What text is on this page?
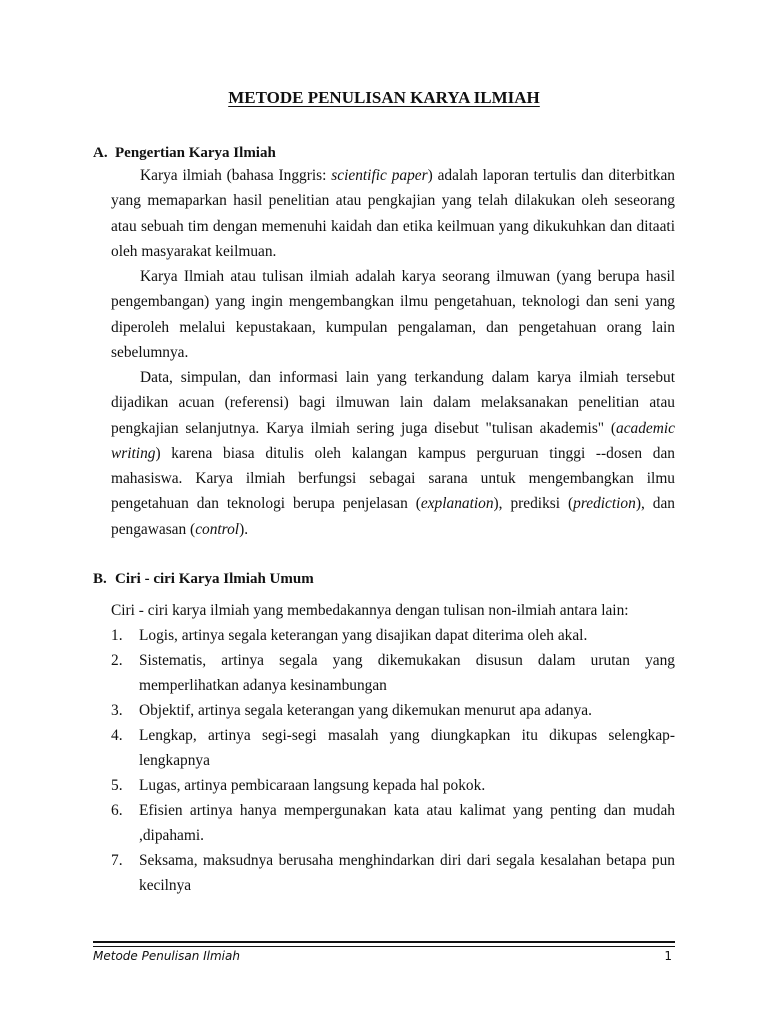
METODE PENULISAN KARYA ILMIAH
A. Pengertian Karya Ilmiah

Karya ilmiah (bahasa Inggris: scientific paper) adalah laporan tertulis dan diterbitkan yang memaparkan hasil penelitian atau pengkajian yang telah dilakukan oleh seseorang atau sebuah tim dengan memenuhi kaidah dan etika keilmuan yang dikukuhkan dan ditaati oleh masyarakat keilmuan.

Karya Ilmiah atau tulisan ilmiah adalah karya seorang ilmuwan (yang berupa hasil pengembangan) yang ingin mengembangkan ilmu pengetahuan, teknologi dan seni yang diperoleh melalui kepustakaan, kumpulan pengalaman, dan pengetahuan orang lain sebelumnya.

Data, simpulan, dan informasi lain yang terkandung dalam karya ilmiah tersebut dijadikan acuan (referensi) bagi ilmuwan lain dalam melaksanakan penelitian atau pengkajian selanjutnya. Karya ilmiah sering juga disebut "tulisan akademis" (academic writing) karena biasa ditulis oleh kalangan kampus perguruan tinggi --dosen dan mahasiswa. Karya ilmiah berfungsi sebagai sarana untuk mengembangkan ilmu pengetahuan dan teknologi berupa penjelasan (explanation), prediksi (prediction), dan pengawasan (control).

B. Ciri - ciri Karya Ilmiah Umum

Ciri - ciri karya ilmiah yang membedakannya dengan tulisan non-ilmiah antara lain:

1. Logis, artinya segala keterangan yang disajikan dapat diterima oleh akal.
2. Sistematis, artinya segala yang dikemukakan disusun dalam urutan yang memperlihatkan adanya kesinambungan
3. Objektif, artinya segala keterangan yang dikemukan menurut apa adanya.
4. Lengkap, artinya segi-segi masalah yang diungkapkan itu dikupas selengkap-lengkapnya
5. Lugas, artinya pembicaraan langsung kepada hal pokok.
6. Efisien artinya hanya mempergunakan kata atau kalimat yang penting dan mudah ,dipahami.
7. Seksama, maksudnya berusaha menghindarkan diri dari segala kesalahan betapa pun kecilnya
Metode Penulisan Ilmiah	1
